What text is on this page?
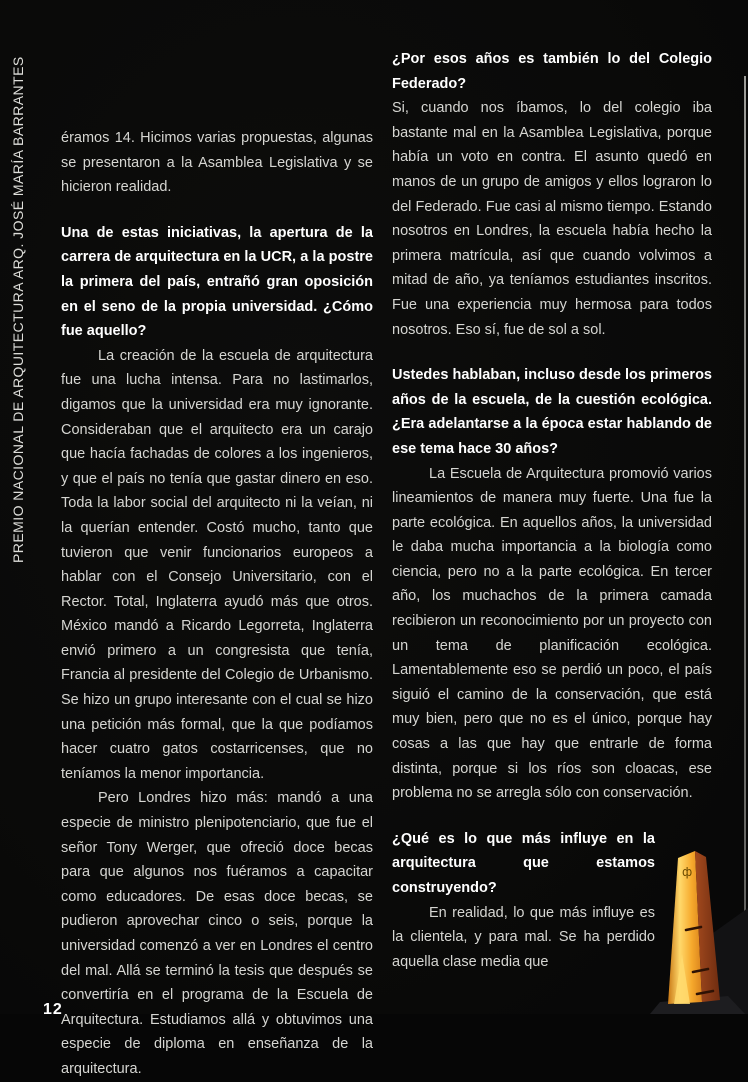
PREMIO NACIONAL DE ARQUITECTURA ARQ. JOSÉ MARÍA BARRANTES éramos 14. Hicimos varias propuestas, algunas se presentaron a la Asamblea Legislativa y se hicieron realidad.

Una de estas iniciativas, la apertura de la carrera de arquitectura en la UCR, a la postre la primera del país, entrañó gran oposición en el seno de la propia universidad. ¿Cómo fue aquello?

La creación de la escuela de arquitectura fue una lucha intensa. Para no lastimarlos, digamos que la universidad era muy ignorante. Consideraban que el arquitecto era un carajo que hacía fachadas de colores a los ingenieros, y que el país no tenía que gastar dinero en eso. Toda la labor social del arquitecto ni la veían, ni la querían entender. Costó mucho, tanto que tuvieron que venir funcionarios europeos a hablar con el Consejo Universitario, con el Rector. Total, Inglaterra ayudó más que otros. México mandó a Ricardo Legorreta, Inglaterra envió primero a un congresista que tenía, Francia al presidente del Colegio de Urbanismo. Se hizo un grupo interesante con el cual se hizo una petición más formal, que la que podíamos hacer cuatro gatos costarricenses, que no teníamos la menor importancia.

Pero Londres hizo más: mandó a una especie de ministro plenipotenciario, que fue el señor Tony Werger, que ofreció doce becas para que algunos nos fuéramos a capacitar como educadores. De esas doce becas, se pudieron aprovechar cinco o seis, porque la universidad comenzó a ver en Londres el centro del mal. Allá se terminó la tesis que después se convertiría en el programa de la Escuela de Arquitectura. Estudiamos allá y obtuvimos una especie de diploma en enseñanza de la arquitectura.

¿Por esos años es también lo del Colegio Federado?

Si, cuando nos íbamos, lo del colegio iba bastante mal en la Asamblea Legislativa, porque había un voto en contra. El asunto quedó en manos de un grupo de amigos y ellos lograron lo del Federado. Fue casi al mismo tiempo. Estando nosotros en Londres, la escuela había hecho la primera matrícula, así que cuando volvimos a mitad de año, ya teníamos estudiantes inscritos. Fue una experiencia muy hermosa para todos nosotros. Eso sí, fue de sol a sol.

Ustedes hablaban, incluso desde los primeros años de la escuela, de la cuestión ecológica. ¿Era adelantarse a la época estar hablando de ese tema hace 30 años?

La Escuela de Arquitectura promovió varios lineamientos de manera muy fuerte. Una fue la parte ecológica. En aquellos años, la universidad le daba mucha importancia a la biología como ciencia, pero no a la parte ecológica. En tercer año, los muchachos de la primera camada recibieron un reconocimiento por un proyecto con un tema de planificación ecológica. Lamentablemente eso se perdió un poco, el país siguió el camino de la conservación, que está muy bien, pero que no es el único, porque hay cosas a las que hay que entrarle de forma distinta, porque si los ríos son cloacas, ese problema no se arregla sólo con conservación.

¿Qué es lo que más influye en la arquitectura que estamos construyendo?

En realidad, lo que más influye es la clientela, y para mal. Se ha perdido aquella clase media que

ф
12
